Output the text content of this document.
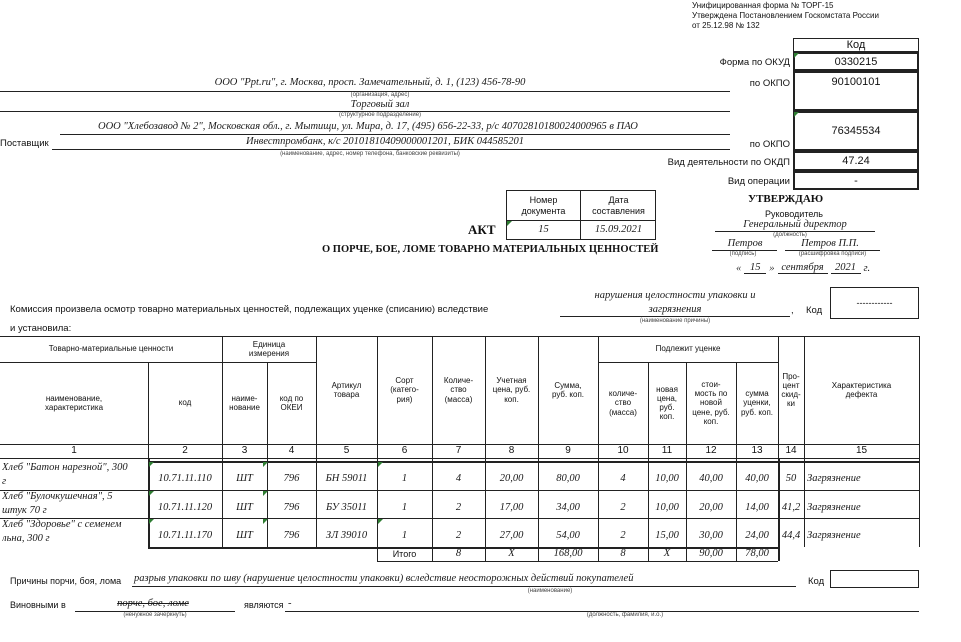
Унифицированная форма № ТОРГ-15
Утверждена Постановлением Госкомстата России
от 25.12.98 № 132
Код
Форма по ОКУД	0330215
по ОКПО	90100101
по ОКПО
76345534
Вид деятельности по ОКДП	47.24
Вид операции	-
ООО "Ppt.ru", г. Москва, просп. Замечательный, д. 1, (123) 456-78-90
(организация, адрес)
Торговый зал
(структурное подразделение)
ООО "Хлебозавод № 2", Московская обл., г. Мытищи, ул. Мира, д. 17, (495) 656-22-33, р/с 40702810180024000965 в ПАО
Поставщик	Инвестпромбанк, к/с 20101810409000001201, БИК 044585201
(наименование, адрес, номер телефона, банковские реквизиты)
Номер документа
Дата составления
15	15.09.2021
АКТ
О ПОРЧЕ, БОЕ, ЛОМЕ ТОВАРНО МАТЕРИАЛЬНЫХ ЦЕННОСТЕЙ
УТВЕРЖДАЮ
Руководитель
Генеральный директор
(должность)
Петров
(подпись)
Петров П.П.
(расшифровка подписи)
« 15 » сентября	2021 г.
нарушения целостности упаковки и
загрязнения
(наименование причины)
,
Комиссия произвела осмотр товарно материальных ценностей, подлежащих уценке (списанию) вследствие
и установила:
Код
------------
Товарно-материальные ценности
наименование, характеристика
код
Единица измерения
наиме-нование
код по ОКЕИ
Артикул товара
Сорт (катего-рия)
Количе-ство (масса)
Учетная цена, руб. коп.
Сумма, руб. коп.
Подлежит уценке
количе-ство (масса)
новая цена, руб. коп.
стои-мость по новой цене, руб. коп.
сумма уценки, руб. коп.
Про-цент скид-ки
Характеристика дефекта
1	2	3	4	5	6	7	8	9	10	11	12	13	14	15
Хлеб "Батон нарезной", 300
г	10.71.11.110	ШТ	796	БН 59011	1	4	20,00	80,00	4	10,00	40,00	40,00	50	Загрязнение
Хлеб "Булочкушечная", 5
штук 70 г	10.71.11.120	ШТ	796	БУ 35011	1	2	17,00	34,00	2	10,00	20,00	14,00	41,2 Загрязнение
Хлеб "Здоровье" с семенем
льна, 300 г	10.71.11.170	ШТ	796	ЗЛ 39010	1	2	27,00	54,00	2	15,00	30,00	24,00	44,4 Загрязнение
Итого	8	Х	168,00	8	Х	90,00	78,00
Причины порчи, боя, лома разрыв упаковки по шву (нарушение целостности упаковки) вследствие неосторожных действий покупателей
(наименование)
Код
Виновными в	порче, бое, ломе
(ненужное зачеркнуть)
являются -
(должность, фамилия, и.о.)
